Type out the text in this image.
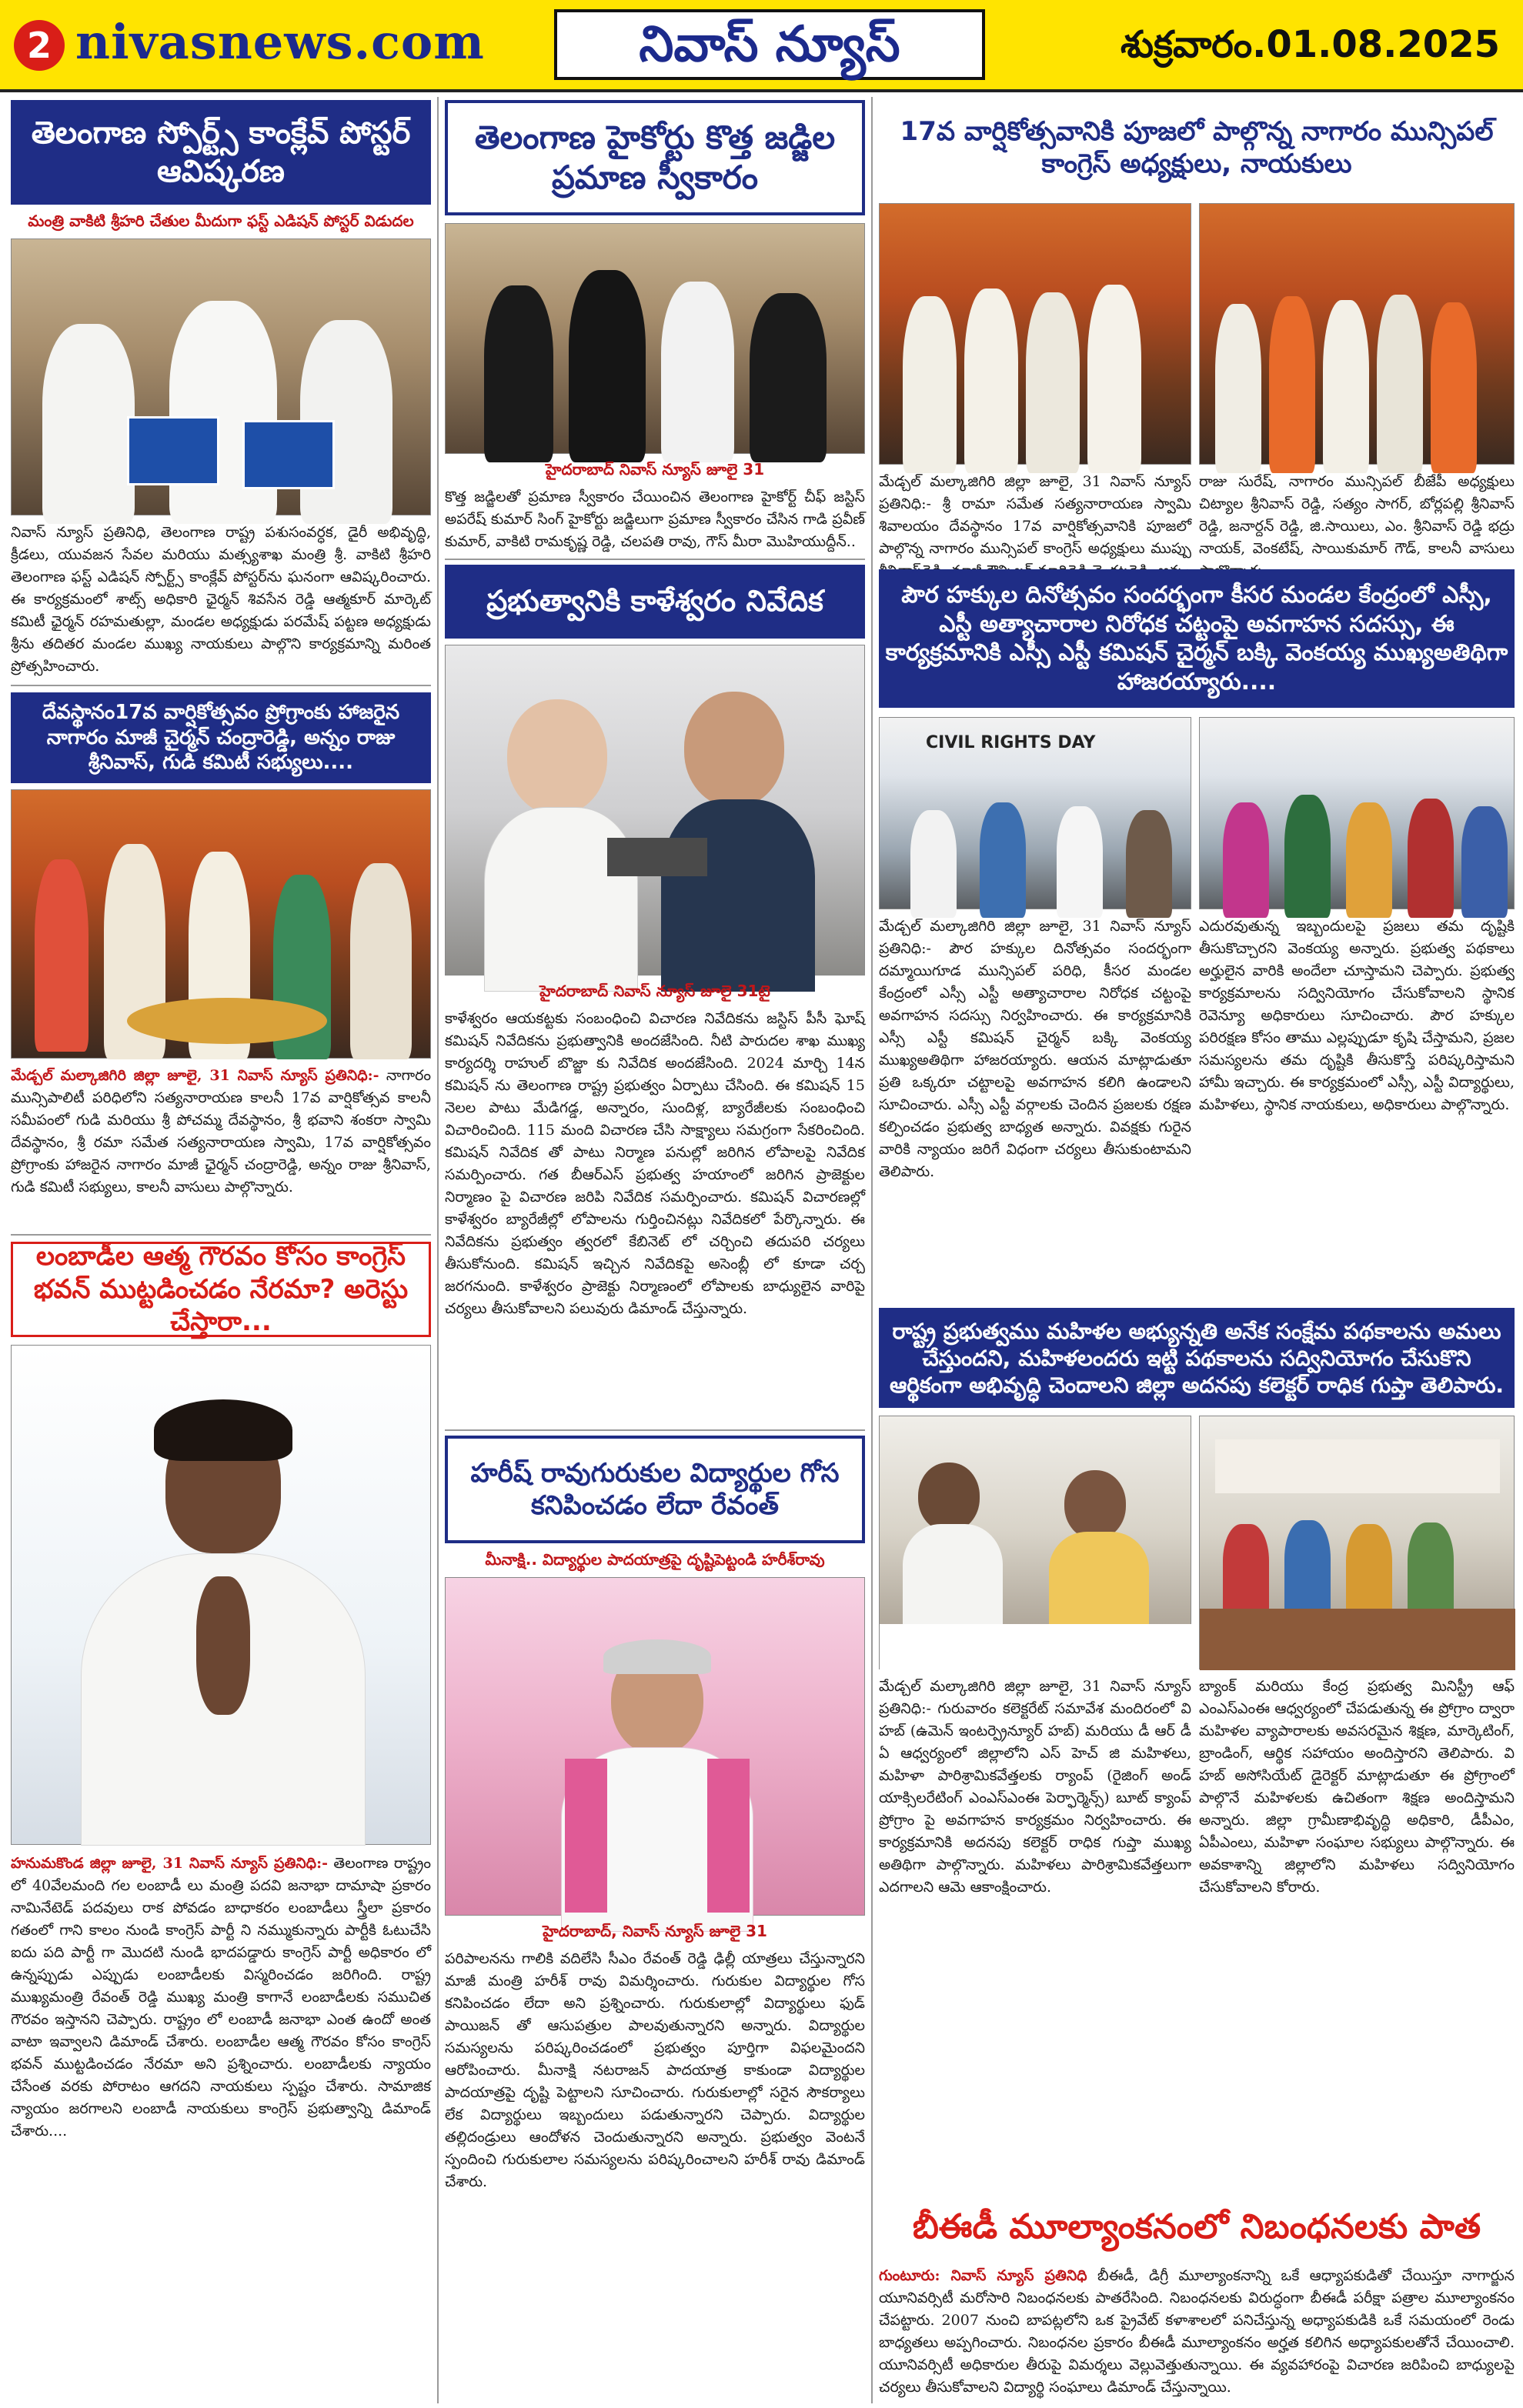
2 nivasnews.com	నివాస్ న్యూస్	శుక్రవారం.01.08.2025
తెలంగాణ స్పోర్ట్స్ కాంక్లేవ్ పోస్టర్ ఆవిష్కరణ
మంత్రి వాకిటి శ్రీహరి చేతుల మీదుగా ఫస్ట్ ఎడిషన్ పోస్టర్ విడుదల
నివాస్ న్యూస్ ప్రతినిధి, తెలంగాణ రాష్ట్ర పశుసంవర్ధక, డైరీ అభివృద్ధి, క్రీడలు, యువజన సేవల మరియు మత్స్యశాఖ మంత్రి శ్రీ. వాకిటి శ్రీహరి తెలంగాణ ఫస్ట్ ఎడిషన్ స్పోర్ట్స్ కాంక్లేవ్ పోస్టర్‌ను ఘనంగా ఆవిష్కరించారు. ఈ కార్యక్రమంలో శాట్స్ అధికారి ఛైర్మన్ శివసేన రెడ్డి ఆత్మకూర్ మార్కెట్ కమిటీ ఛైర్మన్ రహమతుల్లా, మండల అధ్యక్షుడు పరమేష్ పట్టణ అధ్యక్షుడు శ్రీను తదితర మండల ముఖ్య నాయకులు పాల్గొని కార్యక్రమాన్ని మరింత ప్రోత్సహించారు.
దేవస్థానం17వ వార్షికోత్సవం ప్రోగ్రాంకు హాజరైన నాగారం మాజీ చైర్మన్ చంద్రారెడ్డి, అన్నం రాజు శ్రీనివాస్, గుడి కమిటీ సభ్యులు....
మేడ్చల్ మల్కాజిగిరి జిల్లా జూలై, 31 నివాస్ న్యూస్ ప్రతినిధి:- నాగారం మున్సిపాలిటీ పరిధిలోని సత్యనారాయణ కాలనీ 17వ వార్షికోత్సవ కాలనీ సమీపంలో గుడి మరియు శ్రీ పోచమ్మ దేవస్థానం, శ్రీ భవాని శంకరా స్వామి దేవస్థానం, శ్రీ రమా సమేత సత్యనారాయణ స్వామి, 17వ వార్షికోత్సవం ప్రోగ్రాంకు హాజరైన నాగారం మాజీ ఛైర్మన్ చంద్రారెడ్డి, అన్నం రాజు శ్రీనివాస్, గుడి కమిటీ సభ్యులు, కాలనీ వాసులు పాల్గొన్నారు.
లంబాడీల ఆత్మ గౌరవం కోసం కాంగ్రెస్ భవన్ ముట్టడించడం నేరమా? అరెస్టు చేస్తారా...
హనుమకొండ జిల్లా జూలై, 31 నివాస్ న్యూస్ ప్రతినిధి:- తెలంగాణ రాష్ట్రం లో 40వేలమంది గల లంబాడీ లు మంత్రి పదవి జనాభా దామాషా ప్రకారం నామినేటెడ్ పదవులు రాక పోవడం బాధాకరం లంబాడీలు స్త్రీలా ప్రకారం గతంలో గాని కాలం నుండి కాంగ్రెస్ పార్టీ ని నమ్ముకున్నారు పార్టీకి ఓటుచేసి ఐదు పది పార్టీ గా మొదటి నుండి భాదపడ్డారు కాంగ్రెస్ పార్టీ అధికారం లో ఉన్నప్పుడు ఎప్పుడు లంబాడీలకు విస్మరించడం జరిగింది. రాష్ట్ర ముఖ్యమంత్రి రేవంత్ రెడ్డి ముఖ్య మంత్రి కాగానే లంబాడీలకు సముచిత గౌరవం ఇస్తానని చెప్పారు. రాష్ట్రం లో లంబాడీ జనాభా ఎంత ఉందో అంత వాటా ఇవ్వాలని డిమాండ్ చేశారు. లంబాడీల ఆత్మ గౌరవం కోసం కాంగ్రెస్ భవన్ ముట్టడించడం నేరమా అని ప్రశ్నించారు. లంబాడీలకు న్యాయం చేసేంత వరకు పోరాటం ఆగదని నాయకులు స్పష్టం చేశారు. సామాజిక న్యాయం జరగాలని లంబాడీ నాయకులు కాంగ్రెస్ ప్రభుత్వాన్ని డిమాండ్ చేశారు....
తెలంగాణ హైకోర్టు కొత్త జడ్జిల ప్రమాణ స్వీకారం
హైదరాబాద్ నివాస్ న్యూస్ జూలై 31
కొత్త జడ్జిలతో ప్రమాణ స్వీకారం చేయించిన తెలంగాణ హైకోర్ట్ చీఫ్ జస్టిస్ అపరేష్ కుమార్ సింగ్ హైకోర్టు జడ్జిలుగా ప్రమాణ స్వీకారం చేసిన గాడి ప్రవీణ్ కుమార్, వాకిటి రామకృష్ణ రెడ్డి, చలపతి రావు, గౌస్ మీరా మొహియుద్దీన్..
ప్రభుత్వానికి కాళేశ్వరం నివేదిక
హైదరాబాద్ నివాస్ న్యూస్ జూలై 31టై
కాళేశ్వరం ఆయకట్టకు సంబంధించి విచారణ నివేదికను జస్టిస్ పీసీ ఘోష్ కమిషన్ నివేదికను ప్రభుత్వానికి అందజేసింది. నీటి పారుదల శాఖ ముఖ్య కార్యదర్శి రాహుల్ బొజ్జా కు నివేదిక అందజేసింది. 2024 మార్చి 14న కమిషన్ ను తెలంగాణ రాష్ట్ర ప్రభుత్వం ఏర్పాటు చేసింది. ఈ కమిషన్ 15 నెలల పాటు మేడిగడ్డ, అన్నారం, సుందిళ్ల, బ్యారేజీలకు సంబంధించి విచారించింది. 115 మంది విచారణ చేసి సాక్ష్యాలు సమగ్రంగా సేకరించింది. కమిషన్ నివేదిక తో పాటు నిర్మాణ పనుల్లో జరిగిన లోపాలపై నివేదిక సమర్పించారు. గత బీఆర్ఎస్ ప్రభుత్వ హయాంలో జరిగిన ప్రాజెక్టుల నిర్మాణం పై విచారణ జరిపి నివేదిక సమర్పించారు. కమిషన్ విచారణల్లో కాళేశ్వరం బ్యారేజీల్లో లోపాలను గుర్తించినట్లు నివేదికలో పేర్కొన్నారు. ఈ నివేదికను ప్రభుత్వం త్వరలో కేబినెట్ లో చర్చించి తదుపరి చర్యలు తీసుకోనుంది. కమిషన్ ఇచ్చిన నివేదికపై అసెంబ్లీ లో కూడా చర్చ జరగనుంది. కాళేశ్వరం ప్రాజెక్టు నిర్మాణంలో లోపాలకు బాధ్యులైన వారిపై చర్యలు తీసుకోవాలని పలువురు డిమాండ్ చేస్తున్నారు.
హరీష్ రావుగురుకుల విద్యార్థుల గోస కనిపించడం లేదా రేవంత్
మీనాక్షి.. విద్యార్థుల పాదయాత్రపై దృష్టిపెట్టండి హరీశ్‌రావు
హైదరాబాద్, నివాస్ న్యూస్ జూలై 31
పరిపాలనను గాలికి వదిలేసి సీఎం రేవంత్ రెడ్డి ఢిల్లీ యాత్రలు చేస్తున్నారని మాజీ మంత్రి హరీశ్ రావు విమర్శించారు. గురుకుల విద్యార్థుల గోస కనిపించడం లేదా అని ప్రశ్నించారు. గురుకులాల్లో విద్యార్థులు ఫుడ్ పాయిజన్ తో ఆసుపత్రుల పాలవుతున్నారని అన్నారు. విద్యార్థుల సమస్యలను పరిష్కరించడంలో ప్రభుత్వం పూర్తిగా విఫలమైందని ఆరోపించారు. మీనాక్షి నటరాజన్ పాదయాత్ర కాకుండా విద్యార్థుల పాదయాత్రపై దృష్టి పెట్టాలని సూచించారు. గురుకులాల్లో సరైన సౌకర్యాలు లేక విద్యార్థులు ఇబ్బందులు పడుతున్నారని చెప్పారు. విద్యార్థుల తల్లిదండ్రులు ఆందోళన చెందుతున్నారని అన్నారు. ప్రభుత్వం వెంటనే స్పందించి గురుకులాల సమస్యలను పరిష్కరించాలని హరీశ్ రావు డిమాండ్ చేశారు.
17వ వార్షికోత్సవానికి పూజలో పాల్గొన్న నాగారం మున్సిపల్ కాంగ్రెస్ అధ్యక్షులు, నాయకులు
మేడ్చల్ మల్కాజిగిరి జిల్లా జూలై, 31 నివాస్ న్యూస్ ప్రతినిధి:- శ్రీ రామా సమేత సత్యనారాయణ స్వామి శివాలయం దేవస్థానం 17వ వార్షికోత్సవానికి పూజలో పాల్గొన్న నాగారం మున్సిపల్ కాంగ్రెస్ అధ్యక్షులు ముప్పు
రాజు సురేష్, నాగారం మున్సిపల్ బీజేపీ అధ్యక్షులు చిట్యాల శ్రీనివాస్ రెడ్డి, సత్యం సాగర్, బోర్లపల్లి శ్రీనివాస్ రెడ్డి, జనార్దన్ రెడ్డి, జి.సాయిలు, ఎం. శ్రీనివాస్ రెడ్డి భద్రు నాయక్, వెంకటేష్, సాయికుమార్ గౌడ్, కాలనీ వాసులు
పౌర హక్కుల దినోత్సవం సందర్భంగా కీసర మండల కేంద్రంలో ఎస్సీ, ఎస్టీ అత్యాచారాల నిరోధక చట్టంపై అవగాహన సదస్సు, ఈ కార్యక్రమానికి ఎస్సీ ఎస్టీ కమిషన్ చైర్మన్ బక్కి వెంకయ్య ముఖ్యఅతిథిగా హాజరయ్యారు....
CIVIL RIGHTS DAY
మేడ్చల్ మల్కాజిగిరి జిల్లా జూలై, 31 నివాస్ న్యూస్ ప్రతినిధి:- పౌర హక్కుల దినోత్సవం సందర్భంగా దమ్మాయిగూడ మున్సిపల్ పరిధి, కీసర మండల కేంద్రంలో ఎస్సీ ఎస్టీ అత్యాచారాల నిరోధక చట్టంపై అవగాహన సదస్సు నిర్వహించారు. ఈ కార్యక్రమానికి ఎస్సీ ఎస్టీ కమిషన్ చైర్మన్ బక్కి వెంకయ్య ముఖ్యఅతిథిగా హాజరయ్యారు. ఆయన మాట్లాడుతూ ప్రతి ఒక్కరూ చట్టాలపై అవగాహన కలిగి ఉండాలని సూచించారు. ఎస్సీ ఎస్టీ వర్గాలకు చెందిన ప్రజలకు రక్షణ కల్పించడం ప్రభుత్వ బాధ్యత అన్నారు. వివక్షకు గురైన వారికి న్యాయం జరిగే విధంగా చర్యలు తీసుకుంటామని తెలిపారు.
ఎదురవుతున్న ఇబ్బందులపై ప్రజలు తమ దృష్టికి తీసుకొచ్చారని వెంకయ్య అన్నారు. ప్రభుత్వ పథకాలు అర్హులైన వారికి అందేలా చూస్తామని చెప్పారు. ప్రభుత్వ కార్యక్రమాలను సద్వినియోగం చేసుకోవాలని స్థానిక రెవెన్యూ అధికారులు సూచించారు. పౌర హక్కుల పరిరక్షణ కోసం తాము ఎల్లప్పుడూ కృషి చేస్తామని, ప్రజల సమస్యలను తమ దృష్టికి తీసుకొస్తే పరిష్కరిస్తామని హామీ ఇచ్చారు. ఈ కార్యక్రమంలో ఎస్సీ, ఎస్టీ విద్యార్థులు, మహిళలు, స్థానిక నాయకులు, అధికారులు పాల్గొన్నారు.
రాష్ట్ర ప్రభుత్వము మహిళల అభ్యున్నతి అనేక సంక్షేమ పథకాలను అమలు చేస్తుందని, మహిళలందరు ఇట్టి పథకాలను సద్వినియోగం చేసుకొని ఆర్థికంగా అభివృద్ధి చెందాలని జిల్లా అదనపు కలెక్టర్ రాధిక గుప్తా తెలిపారు.
మేడ్చల్ మల్కాజిగిరి జిల్లా జూలై, 31 నివాస్ న్యూస్ ప్రతినిధి:- గురువారం కలెక్టరేట్ సమావేశ మందిరంలో వి హబ్ (ఉమెన్ ఇంటర్ప్రెన్యూర్ హబ్) మరియు డీ ఆర్ డీ ఏ ఆధ్వర్యంలో జిల్లాలోని ఎస్ హెచ్ జి మహిళలు, మహిళా పారిశ్రామికవేత్తలకు ర్యాంప్ (రైజింగ్ అండ్ యాక్సిలరేటింగ్ ఎంఎస్ఎంఈ పెర్ఫార్మెన్స్) బూట్ క్యాంప్ ప్రోగ్రాం పై అవగాహన కార్యక్రమం నిర్వహించారు. ఈ కార్యక్రమానికి అదనపు కలెక్టర్ రాధిక గుప్తా ముఖ్య అతిథిగా పాల్గొన్నారు. మహిళలు పారిశ్రామికవేత్తలుగా ఎదగాలని ఆమె ఆకాంక్షించారు.
బ్యాంక్ మరియు కేంద్ర ప్రభుత్వ మినిస్ట్రీ ఆఫ్ ఎంఎస్ఎంఈ ఆధ్వర్యంలో చేపడుతున్న ఈ ప్రోగ్రాం ద్వారా మహిళల వ్యాపారాలకు అవసరమైన శిక్షణ, మార్కెటింగ్, బ్రాండింగ్, ఆర్థిక సహాయం అందిస్తారని తెలిపారు. వి హబ్ అసోసియేట్ డైరెక్టర్ మాట్లాడుతూ ఈ ప్రోగ్రాంలో పాల్గొనే మహిళలకు ఉచితంగా శిక్షణ అందిస్తామని అన్నారు. జిల్లా గ్రామీణాభివృద్ధి అధికారి, డీపీఎం, ఏపీఎంలు, మహిళా సంఘాల సభ్యులు పాల్గొన్నారు. ఈ అవకాశాన్ని జిల్లాలోని మహిళలు సద్వినియోగం చేసుకోవాలని కోరారు.
బీఈడీ మూల్యాంకనంలో నిబంధనలకు పాత
గుంటూరు: నివాస్ న్యూస్ ప్రతినిధి బీఈడీ, డిగ్రీ మూల్యాంకనాన్ని ఒకే ఆధ్యాపకుడితో చేయిస్తూ నాగార్జున యూనివర్సిటీ మరోసారి నిబంధనలకు పాతరేసింది. నిబంధనలకు విరుద్ధంగా బీఈడీ పరీక్షా పత్రాల మూల్యాంకనం చేపట్టారు. 2007 నుంచి బాపట్లలోని ఒక ప్రైవేట్ కళాశాలలో పనిచేస్తున్న అధ్యాపకుడికి ఒకే సమయంలో రెండు బాధ్యతలు అప్పగించారు. నిబంధనల ప్రకారం బీఈడీ మూల్యాంకనం అర్హత కలిగిన అధ్యాపకులతోనే చేయించాలి. యూనివర్సిటీ అధికారుల తీరుపై విమర్శలు వెల్లువెత్తుతున్నాయి. ఈ వ్యవహారంపై విచారణ జరిపించి బాధ్యులపై చర్యలు తీసుకోవాలని విద్యార్థి సంఘాలు డిమాండ్ చేస్తున్నాయి.
